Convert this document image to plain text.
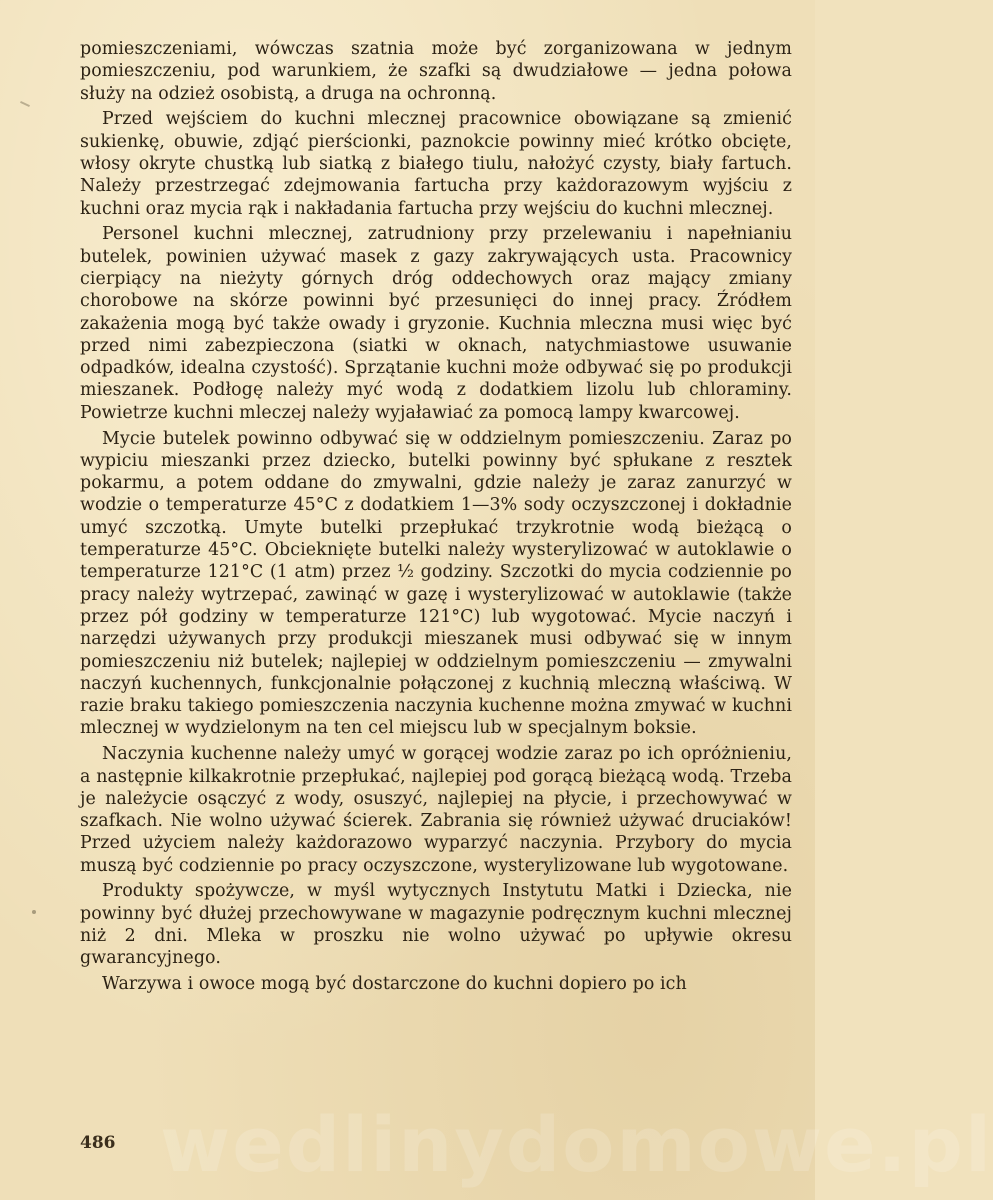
pomieszczeniami, wówczas szatnia może być zorganizowana w jednym pomieszczeniu, pod warunkiem, że szafki są dwudziałowe — jedna połowa służy na odzież osobistą, a druga na ochronną.

Przed wejściem do kuchni mlecznej pracownice obowiązane są zmienić sukienkę, obuwie, zdjąć pierścionki, paznokcie powinny mieć krótko obcięte, włosy okryte chustką lub siatką z białego tiulu, nałożyć czysty, biały fartuch. Należy przestrzegać zdejmowania fartucha przy każdorazowym wyjściu z kuchni oraz mycia rąk i nakładania fartucha przy wejściu do kuchni mlecznej.

Personel kuchni mlecznej, zatrudniony przy przelewaniu i napełnianiu butelek, powinien używać masek z gazy zakrywających usta. Pracownicy cierpiący na nieżyty górnych dróg oddechowych oraz mający zmiany chorobowe na skórze powinni być przesunięci do innej pracy. Źródłem zakażenia mogą być także owady i gryzonie. Kuchnia mleczna musi więc być przed nimi zabezpieczona (siatki w oknach, natychmiastowe usuwanie odpadków, idealna czystość). Sprzątanie kuchni może odbywać się po produkcji mieszanek. Podłogę należy myć wodą z dodatkiem lizolu lub chloraminy. Powietrze kuchni mleczej należy wyjaławiać za pomocą lampy kwarcowej.

Mycie butelek powinno odbywać się w oddzielnym pomieszczeniu. Zaraz po wypiciu mieszanki przez dziecko, butelki powinny być spłukane z resztek pokarmu, a potem oddane do zmywalni, gdzie należy je zaraz zanurzyć w wodzie o temperaturze 45°C z dodatkiem 1—3% sody oczyszczonej i dokładnie umyć szczotką. Umyte butelki przepłukać trzykrotnie wodą bieżącą o temperaturze 45°C. Obcieknięte butelki należy wysterylizować w autoklawie o temperaturze 121°C (1 atm) przez ½ godziny. Szczotki do mycia codziennie po pracy należy wytrzepać, zawinąć w gazę i wysterylizować w autoklawie (także przez pół godziny w temperaturze 121°C) lub wygotować. Mycie naczyń i narzędzi używanych przy produkcji mieszanek musi odbywać się w innym pomieszczeniu niż butelek; najlepiej w oddzielnym pomieszczeniu — zmywalni naczyń kuchennych, funkcjonalnie połączonej z kuchnią mleczną właściwą. W razie braku takiego pomieszczenia naczynia kuchenne można zmywać w kuchni mlecznej w wydzielonym na ten cel miejscu lub w specjalnym boksie.

Naczynia kuchenne należy umyć w gorącej wodzie zaraz po ich opróżnieniu, a następnie kilkakrotnie przepłukać, najlepiej pod gorącą bieżącą wodą. Trzeba je należycie osączyć z wody, osuszyć, najlepiej na płycie, i przechowywać w szafkach. Nie wolno używać ścierek. Zabrania się również używać druciaków! Przed użyciem należy każdorazowo wyparzyć naczynia. Przybory do mycia muszą być codziennie po pracy oczyszczone, wysterylizowane lub wygotowane.

Produkty spożywcze, w myśl wytycznych Instytutu Matki i Dziecka, nie powinny być dłużej przechowywane w magazynie podręcznym kuchni mlecznej niż 2 dni. Mleka w proszku nie wolno używać po upływie okresu gwarancyjnego.

Warzywa i owoce mogą być dostarczone do kuchni dopiero po ich

wedlinydomowe.pl
486
